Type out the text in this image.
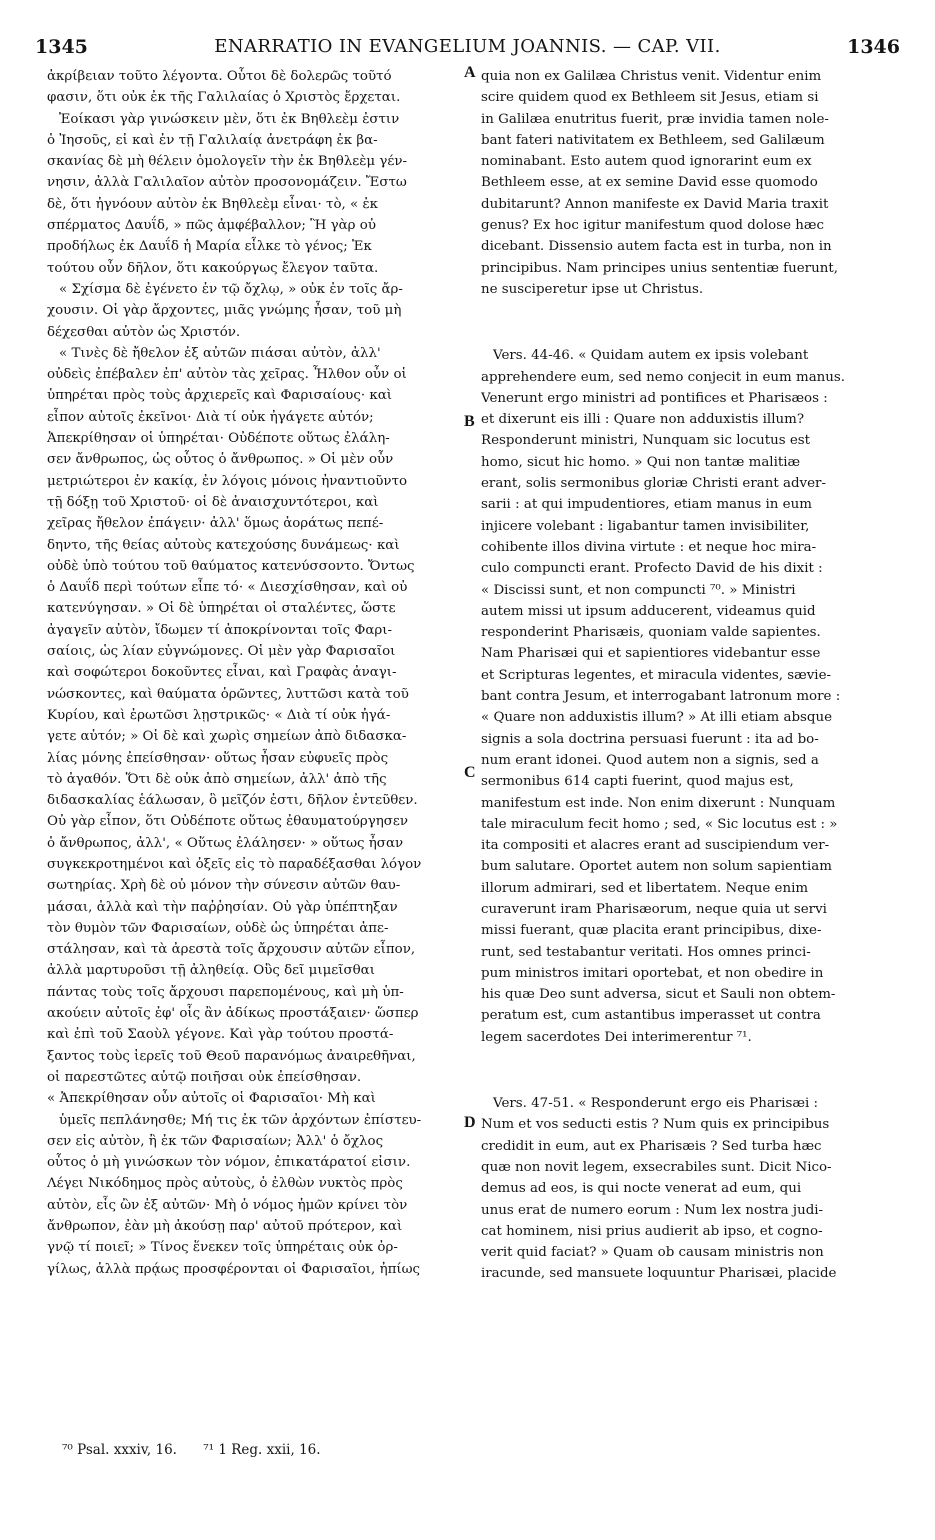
1345	ENARRATIO IN EVANGELIUM JOANNIS. — CAP. VII.	1346
ἀκρίβειαν τοῦτο λέγοντα. Οὗτοι δὲ δολερῶς τοῦτό
φασιν, ὅτι οὐκ ἐκ τῆς Γαλιλαίας ὁ Χριστὸς ἔρχεται.
Ἐοίκασι γὰρ γινώσκειν μὲν, ὅτι ἐκ Βηθλεὲμ ἐστιν
ὁ Ἰησοῦς, εἰ καὶ ἐν τῇ Γαλιλαίᾳ ἀνετράφη ἐκ βα-
σκανίας δὲ μὴ θέλειν ὁμολογεῖν τὴν ἐκ Βηθλεὲμ γέν-
νησιν, ἀλλὰ Γαλιλαῖον αὐτὸν προσονομάζειν. Ἔστω
δὲ, ὅτι ἠγνόουν αὐτὸν ἐκ Βηθλεὲμ εἶναι· τὸ, « ἐκ
σπέρματος Δαυΐδ, » πῶς ἀμφέβαλλον; Ἢ γὰρ οὐ
προδήλως ἐκ Δαυΐδ ἡ Μαρία εἷλκε τὸ γένος; Ἐκ
τούτου οὖν δῆλον, ὅτι κακούργως ἔλεγον ταῦτα.
« Σχίσμα δὲ ἐγένετο ἐν τῷ ὄχλῳ, » οὐκ ἐν τοῖς ἄρ-
χουσιν. Οἱ γὰρ ἄρχοντες, μιᾶς γνώμης ἦσαν, τοῦ μὴ
δέχεσθαι αὐτὸν ὡς Χριστόν.
« Τινὲς δὲ ἤθελον ἐξ αὐτῶν πιάσαι αὐτὸν, ἀλλ'
οὐδεὶς ἐπέβαλεν ἐπ' αὐτὸν τὰς χεῖρας. Ἦλθον οὖν οἱ
ὑπηρέται πρὸς τοὺς ἀρχιερεῖς καὶ Φαρισαίους· καὶ
εἶπον αὐτοῖς ἐκεῖνοι· Διὰ τί οὐκ ἠγάγετε αὐτόν;
Ἀπεκρίθησαν οἱ ὑπηρέται· Οὐδέποτε οὕτως ἐλάλη-
σεν ἄνθρωπος, ὡς οὗτος ὁ ἄνθρωπος. » Οἱ μὲν οὖν
μετριώτεροι ἐν κακίᾳ, ἐν λόγοις μόνοις ἠναντιοῦντο
τῇ δόξῃ τοῦ Χριστοῦ· οἱ δὲ ἀναισχυντότεροι, καὶ
χεῖρας ἤθελον ἐπάγειν· ἀλλ' ὅμως ἀοράτως πεπέ-
δηντο, τῆς θείας αὐτοὺς κατεχούσης δυνάμεως· καὶ
οὐδὲ ὑπὸ τούτου τοῦ θαύματος κατενύσσοντο. Ὄντως
ὁ Δαυΐδ περὶ τούτων εἶπε τό· « Διεσχίσθησαν, καὶ οὐ
κατενύγησαν. » Οἱ δὲ ὑπηρέται οἱ σταλέντες, ὥστε
ἀγαγεῖν αὐτὸν, ἴδωμεν τί ἀποκρίνονται τοῖς Φαρι-
σαίοις, ὡς λίαν εὐγνώμονες. Οἱ μὲν γὰρ Φαρισαῖοι
καὶ σοφώτεροι δοκοῦντες εἶναι, καὶ Γραφὰς ἀναγι-
νώσκοντες, καὶ θαύματα ὁρῶντες, λυττῶσι κατὰ τοῦ
Κυρίου, καὶ ἐρωτῶσι λῃστρικῶς· « Διὰ τί οὐκ ἠγά-
γετε αὐτόν; » Οἱ δὲ καὶ χωρὶς σημείων ἀπὸ διδασκα-
λίας μόνης ἐπείσθησαν· οὕτως ἦσαν εὐφυεῖς πρὸς
τὸ ἀγαθόν. Ὅτι δὲ οὐκ ἀπὸ σημείων, ἀλλ' ἀπὸ τῆς
διδασκαλίας ἑάλωσαν, ὃ μεῖζόν ἐστι, δῆλον ἐντεῦθεν.
Οὐ γὰρ εἶπον, ὅτι Οὐδέποτε οὕτως ἐθαυματούργησεν
ὁ ἄνθρωπος, ἀλλ', « Οὕτως ἐλάλησεν· » οὕτως ἦσαν
συγκεκροτημένοι καὶ ὀξεῖς εἰς τὸ παραδέξασθαι λόγον
σωτηρίας. Χρὴ δὲ οὐ μόνον τὴν σύνεσιν αὐτῶν θαυ-
μάσαι, ἀλλὰ καὶ τὴν παῤῥησίαν. Οὐ γὰρ ὑπέπτηξαν
τὸν θυμὸν τῶν Φαρισαίων, οὐδὲ ὡς ὑπηρέται ἀπε-
στάλησαν, καὶ τὰ ἀρεστὰ τοῖς ἄρχουσιν αὐτῶν εἶπον,
ἀλλὰ μαρτυροῦσι τῇ ἀληθείᾳ. Οὓς δεῖ μιμεῖσθαι
πάντας τοὺς τοῖς ἄρχουσι παρεπομένους, καὶ μὴ ὑπ-
ακούειν αὐτοῖς ἐφ' οἷς ἂν ἀδίκως προστάξαιεν· ὥσπερ
καὶ ἐπὶ τοῦ Σαοὺλ γέγονε. Καὶ γὰρ τούτου προστά-
ξαντος τοὺς ἱερεῖς τοῦ Θεοῦ παρανόμως ἀναιρεθῆναι,
οἱ παρεστῶτες αὐτῷ ποιῆσαι οὐκ ἐπείσθησαν.
« Ἀπεκρίθησαν οὖν αὐτοῖς οἱ Φαρισαῖοι· Μὴ καὶ
ὑμεῖς πεπλάνησθε; Μή τις ἐκ τῶν ἀρχόντων ἐπίστευ-
σεν εἰς αὐτὸν, ἢ ἐκ τῶν Φαρισαίων; Ἀλλ' ὁ ὄχλος
οὗτος ὁ μὴ γινώσκων τὸν νόμον, ἐπικατάρατοί εἰσιν.
Λέγει Νικόδημος πρὸς αὐτοὺς, ὁ ἐλθὼν νυκτὸς πρὸς
αὐτὸν, εἷς ὢν ἐξ αὐτῶν· Μὴ ὁ νόμος ἡμῶν κρίνει τὸν
ἄνθρωπον, ἐὰν μὴ ἀκούσῃ παρ' αὐτοῦ πρότερον, καὶ
γνῷ τί ποιεῖ; » Τίνος ἕνεκεν τοῖς ὑπηρέταις οὐκ ὀρ-
γίλως, ἀλλὰ πρᾴως προσφέρονται οἱ Φαρισαῖοι, ἠπίως
quia non ex Galilæa Christus venit. Videntur enim
scire quidem quod ex Bethleem sit Jesus, etiam si
in Galilæa enutritus fuerit, præ invidia tamen nole-
bant fateri nativitatem ex Bethleem, sed Galilæum
nominabant. Esto autem quod ignorarint eum ex
Bethleem esse, at ex semine David esse quomodo
dubitarunt? Annon manifeste ex David Maria traxit
genus? Ex hoc igitur manifestum quod dolose hæc
dicebant. Dissensio autem facta est in turba, non in
principibus. Nam principes unius sententiæ fuerunt,
ne susciperetur ipse ut Christus.
Vers. 44-46. « Quidam autem ex ipsis volebant
apprehendere eum, sed nemo conjecit in eum manus.
Venerunt ergo ministri ad pontifices et Pharisæos :
et dixerunt eis illi : Quare non adduxistis illum?
Responderunt ministri, Nunquam sic locutus est
homo, sicut hic homo. » Qui non tantæ malitiæ
erant, solis sermonibus gloriæ Christi erant adver-
sarii : at qui impudentiores, etiam manus in eum
injicere volebant : ligabantur tamen invisibiliter,
cohibente illos divina virtute : et neque hoc mira-
culo compuncti erant. Profecto David de his dixit :
« Discissi sunt, et non compuncti ⁷⁰. » Ministri
autem missi ut ipsum adducerent, videamus quid
responderint Pharisæis, quoniam valde sapientes.
Nam Pharisæi qui et sapientiores videbantur esse
et Scripturas legentes, et miracula videntes, sævie-
bant contra Jesum, et interrogabant latronum more :
« Quare non adduxistis illum? » At illi etiam absque
signis a sola doctrina persuasi fuerunt : ita ad bo-
num erant idonei. Quod autem non a signis, sed a
sermonibus 614 capti fuerint, quod majus est,
manifestum est inde. Non enim dixerunt : Nunquam
tale miraculum fecit homo ; sed, « Sic locutus est : »
ita compositi et alacres erant ad suscipiendum ver-
bum salutare. Oportet autem non solum sapientiam
illorum admirari, sed et libertatem. Neque enim
curaverunt iram Pharisæorum, neque quia ut servi
missi fuerant, quæ placita erant principibus, dixe-
runt, sed testabantur veritati. Hos omnes princi-
pum ministros imitari oportebat, et non obedire in
his quæ Deo sunt adversa, sicut et Sauli non obtem-
peratum est, cum astantibus imperasset ut contra
legem sacerdotes Dei interimerentur ⁷¹.
Vers. 47-51. « Responderunt ergo eis Pharisæi :
Num et vos seducti estis ? Num quis ex principibus
credidit in eum, aut ex Pharisæis ? Sed turba hæc
quæ non novit legem, exsecrabiles sunt. Dicit Nico-
demus ad eos, is qui nocte venerat ad eum, qui
unus erat de numero eorum : Num lex nostra judi-
cat hominem, nisi prius audierit ab ipso, et cogno-
verit quid faciat? » Quam ob causam ministris non
iracunde, sed mansuete loquuntur Pharisæi, placide
A
B
C
D
⁷⁰ Psal. xxxiv, 16. ⁷¹ 1 Reg. xxii, 16.
